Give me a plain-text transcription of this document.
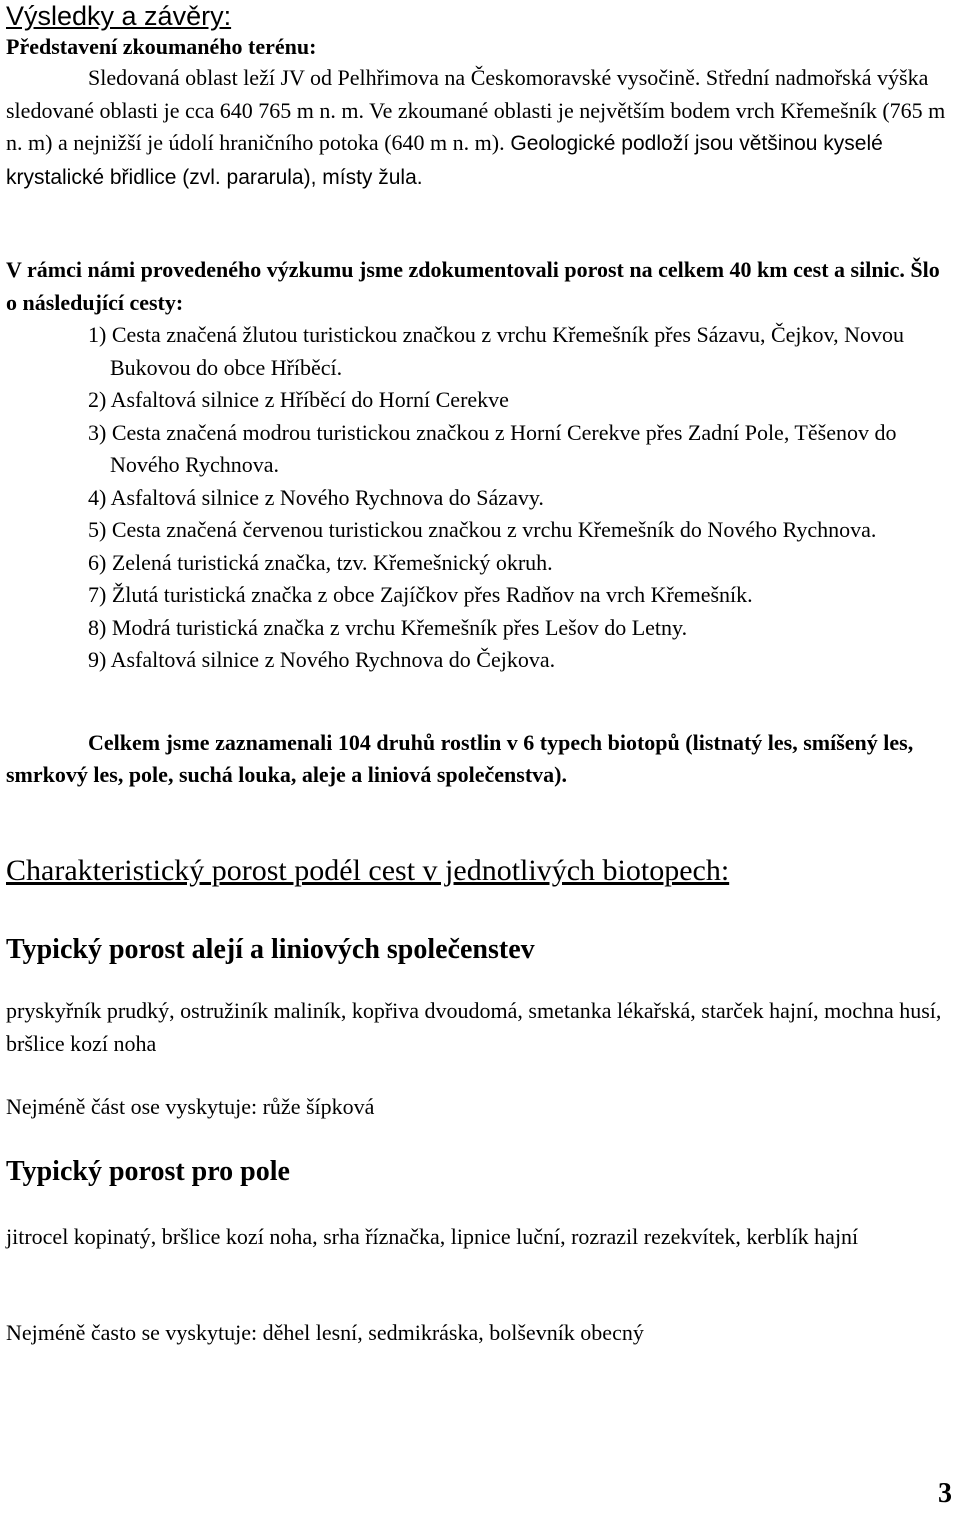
Výsledky a závěry:
Představení zkoumaného terénu:
Sledovaná oblast leží JV od Pelhřimova na Českomoravské vysočině. Střední nadmořská výška sledované oblasti je cca 640 765 m n. m. Ve zkoumané oblasti je největším bodem vrch Křemešník (765 m n. m) a nejnižší je údolí hraničního potoka (640 m n. m). Geologické podloží jsou většinou kyselé krystalické břidlice (zvl. pararula), místy žula.
V rámci námi provedeného výzkumu jsme zdokumentovali porost na celkem 40 km cest a silnic. Šlo o následující cesty:
1) Cesta značená žlutou turistickou značkou z vrchu Křemešník přes Sázavu, Čejkov, Novou Bukovou do obce Hříběcí.
2) Asfaltová silnice z Hříběcí do Horní Cerekve
3) Cesta značená modrou turistickou značkou z Horní Cerekve přes Zadní Pole, Těšenov do Nového Rychnova.
4) Asfaltová silnice z Nového Rychnova do Sázavy.
5) Cesta značená červenou turistickou značkou z vrchu Křemešník do Nového Rychnova.
6) Zelená turistická značka, tzv. Křemešnický okruh.
7) Žlutá turistická značka z obce Zajíčkov přes Radňov na vrch Křemešník.
8) Modrá turistická značka z vrchu Křemešník přes Lešov do Letny.
9) Asfaltová silnice z Nového Rychnova do Čejkova.
Celkem jsme zaznamenali 104 druhů rostlin v 6 typech biotopů (listnatý les, smíšený les, smrkový les, pole, suchá louka, aleje a liniová společenstva).
Charakteristický porost podél cest v jednotlivých biotopech:
Typický porost alejí a liniových společenstev
pryskyřník prudký, ostružiník maliník, kopřiva dvoudomá, smetanka lékařská, starček hajní, mochna husí, bršlice kozí noha
Nejméně část ose vyskytuje: růže šípková
Typický porost pro pole
jitrocel kopinatý, bršlice kozí noha, srha říznačka, lipnice luční, rozrazil rezekvítek, kerblík hajní
Nejméně často se vyskytuje: děhel lesní, sedmikráska, bolševník obecný
3
